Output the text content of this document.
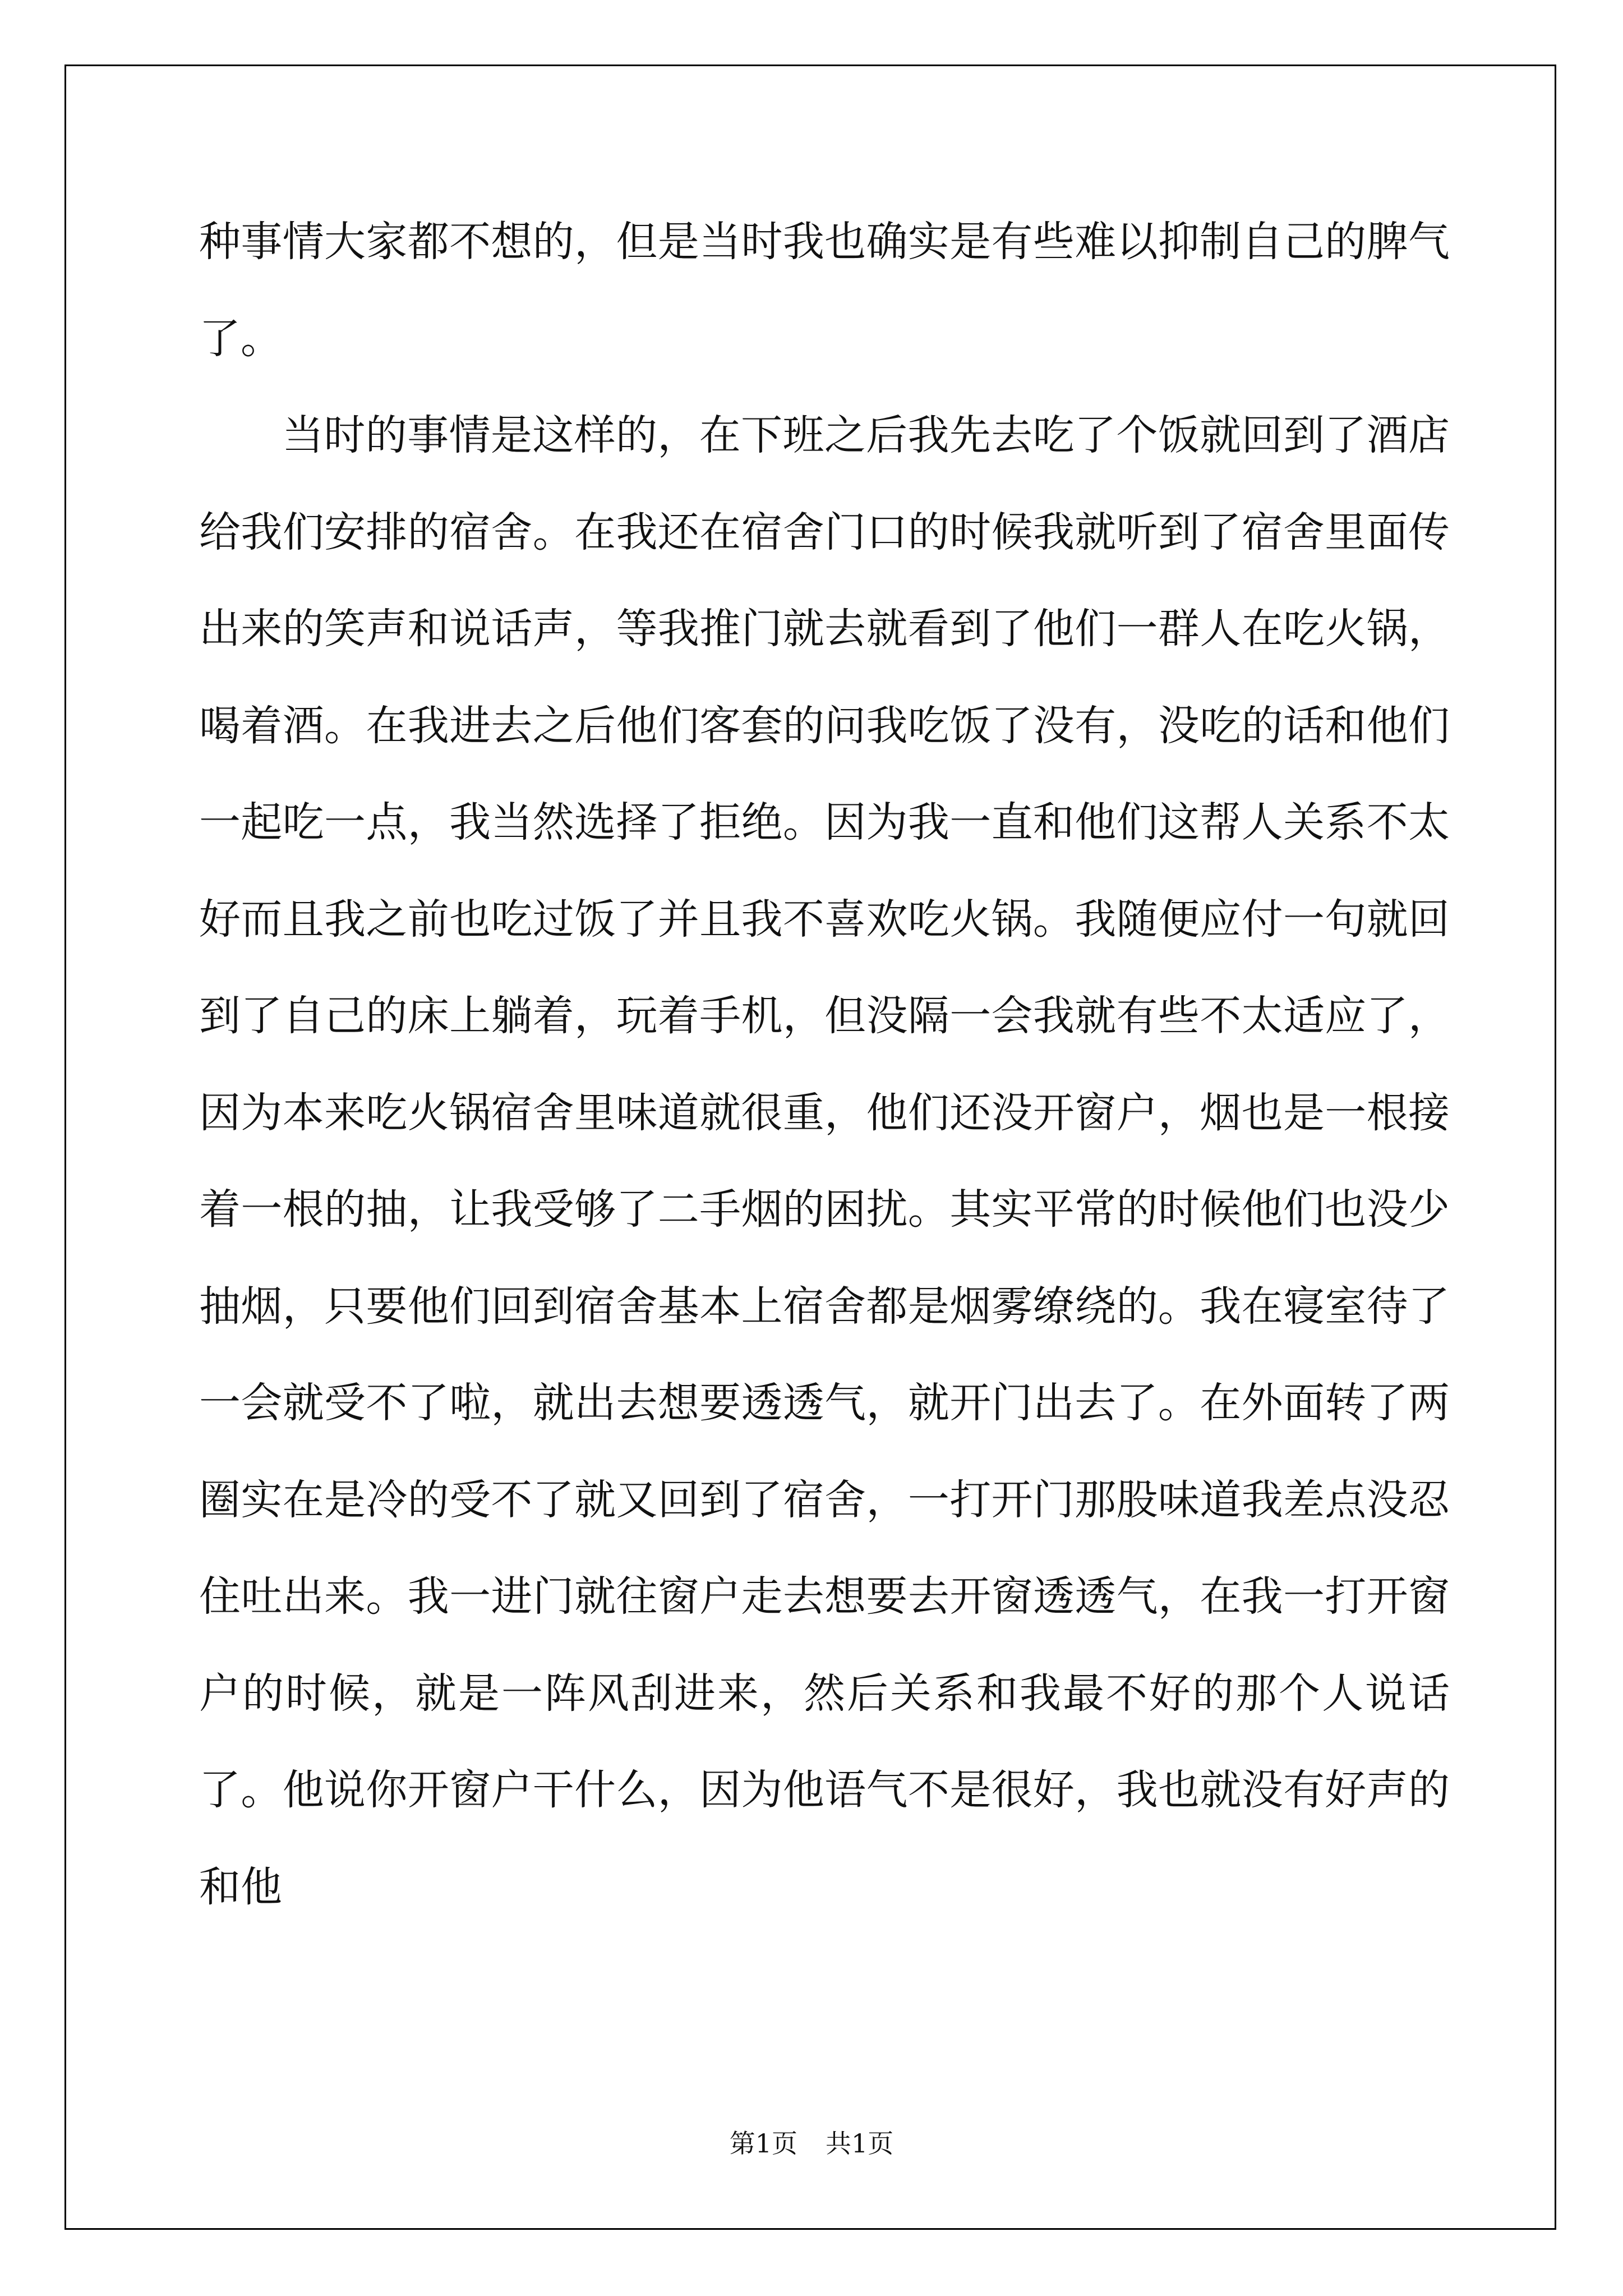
种事情大家都不想的，但是当时我也确实是有些难以抑制自己的脾气了。

当时的事情是这样的，在下班之后我先去吃了个饭就回到了酒店给我们安排的宿舍。在我还在宿舍门口的时候我就听到了宿舍里面传出来的笑声和说话声，等我推门就去就看到了他们一群人在吃火锅，喝着酒。在我进去之后他们客套的问我吃饭了没有，没吃的话和他们一起吃一点，我当然选择了拒绝。因为我一直和他们这帮人关系不太好而且我之前也吃过饭了并且我不喜欢吃火锅。我随便应付一句就回到了自己的床上躺着，玩着手机，但没隔一会我就有些不太适应了，因为本来吃火锅宿舍里味道就很重，他们还没开窗户，烟也是一根接着一根的抽，让我受够了二手烟的困扰。其实平常的时候他们也没少抽烟，只要他们回到宿舍基本上宿舍都是烟雾缭绕的。我在寝室待了一会就受不了啦，就出去想要透透气，就开门出去了。在外面转了两圈实在是冷的受不了就又回到了宿舍，一打开门那股味道我差点没忍住吐出来。我一进门就往窗户走去想要去开窗透透气，在我一打开窗户的时候，就是一阵风刮进来，然后关系和我最不好的那个人说话了。他说你开窗户干什么，因为他语气不是很好，我也就没有好声的和他

第1页 共1页
